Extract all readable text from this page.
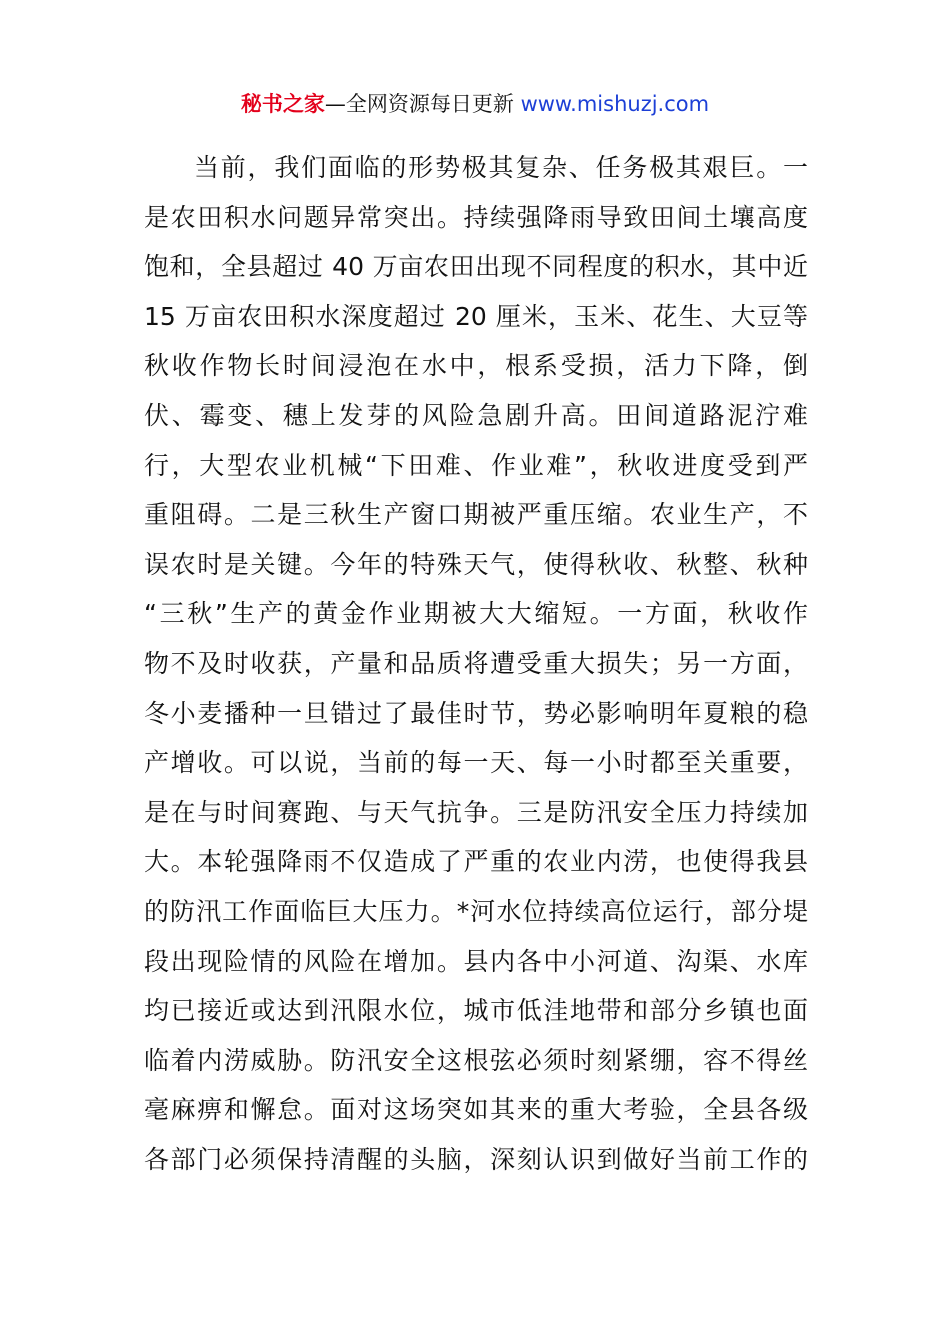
秘书之家—全网资源每日更新 www.mishuzj.com
当前，我们面临的形势极其复杂、任务极其艰巨。一
是农田积水问题异常突出。持续强降雨导致田间土壤高度
饱和，全县超过 40 万亩农田出现不同程度的积水，其中近
15 万亩农田积水深度超过 20 厘米，玉米、花生、大豆等
秋收作物长时间浸泡在水中，根系受损，活力下降，倒
伏、霉变、穗上发芽的风险急剧升高。田间道路泥泞难
行，大型农业机械“下田难、作业难”，秋收进度受到严
重阻碍。二是三秋生产窗口期被严重压缩。农业生产，不
误农时是关键。今年的特殊天气，使得秋收、秋整、秋种
“三秋”生产的黄金作业期被大大缩短。一方面，秋收作
物不及时收获，产量和品质将遭受重大损失；另一方面，
冬小麦播种一旦错过了最佳时节，势必影响明年夏粮的稳
产增收。可以说，当前的每一天、每一小时都至关重要，
是在与时间赛跑、与天气抗争。三是防汛安全压力持续加
大。本轮强降雨不仅造成了严重的农业内涝，也使得我县
的防汛工作面临巨大压力。*河水位持续高位运行，部分堤
段出现险情的风险在增加。县内各中小河道、沟渠、水库
均已接近或达到汛限水位，城市低洼地带和部分乡镇也面
临着内涝威胁。防汛安全这根弦必须时刻紧绷，容不得丝
毫麻痹和懈怠。面对这场突如其来的重大考验，全县各级
各部门必须保持清醒的头脑，深刻认识到做好当前工作的
